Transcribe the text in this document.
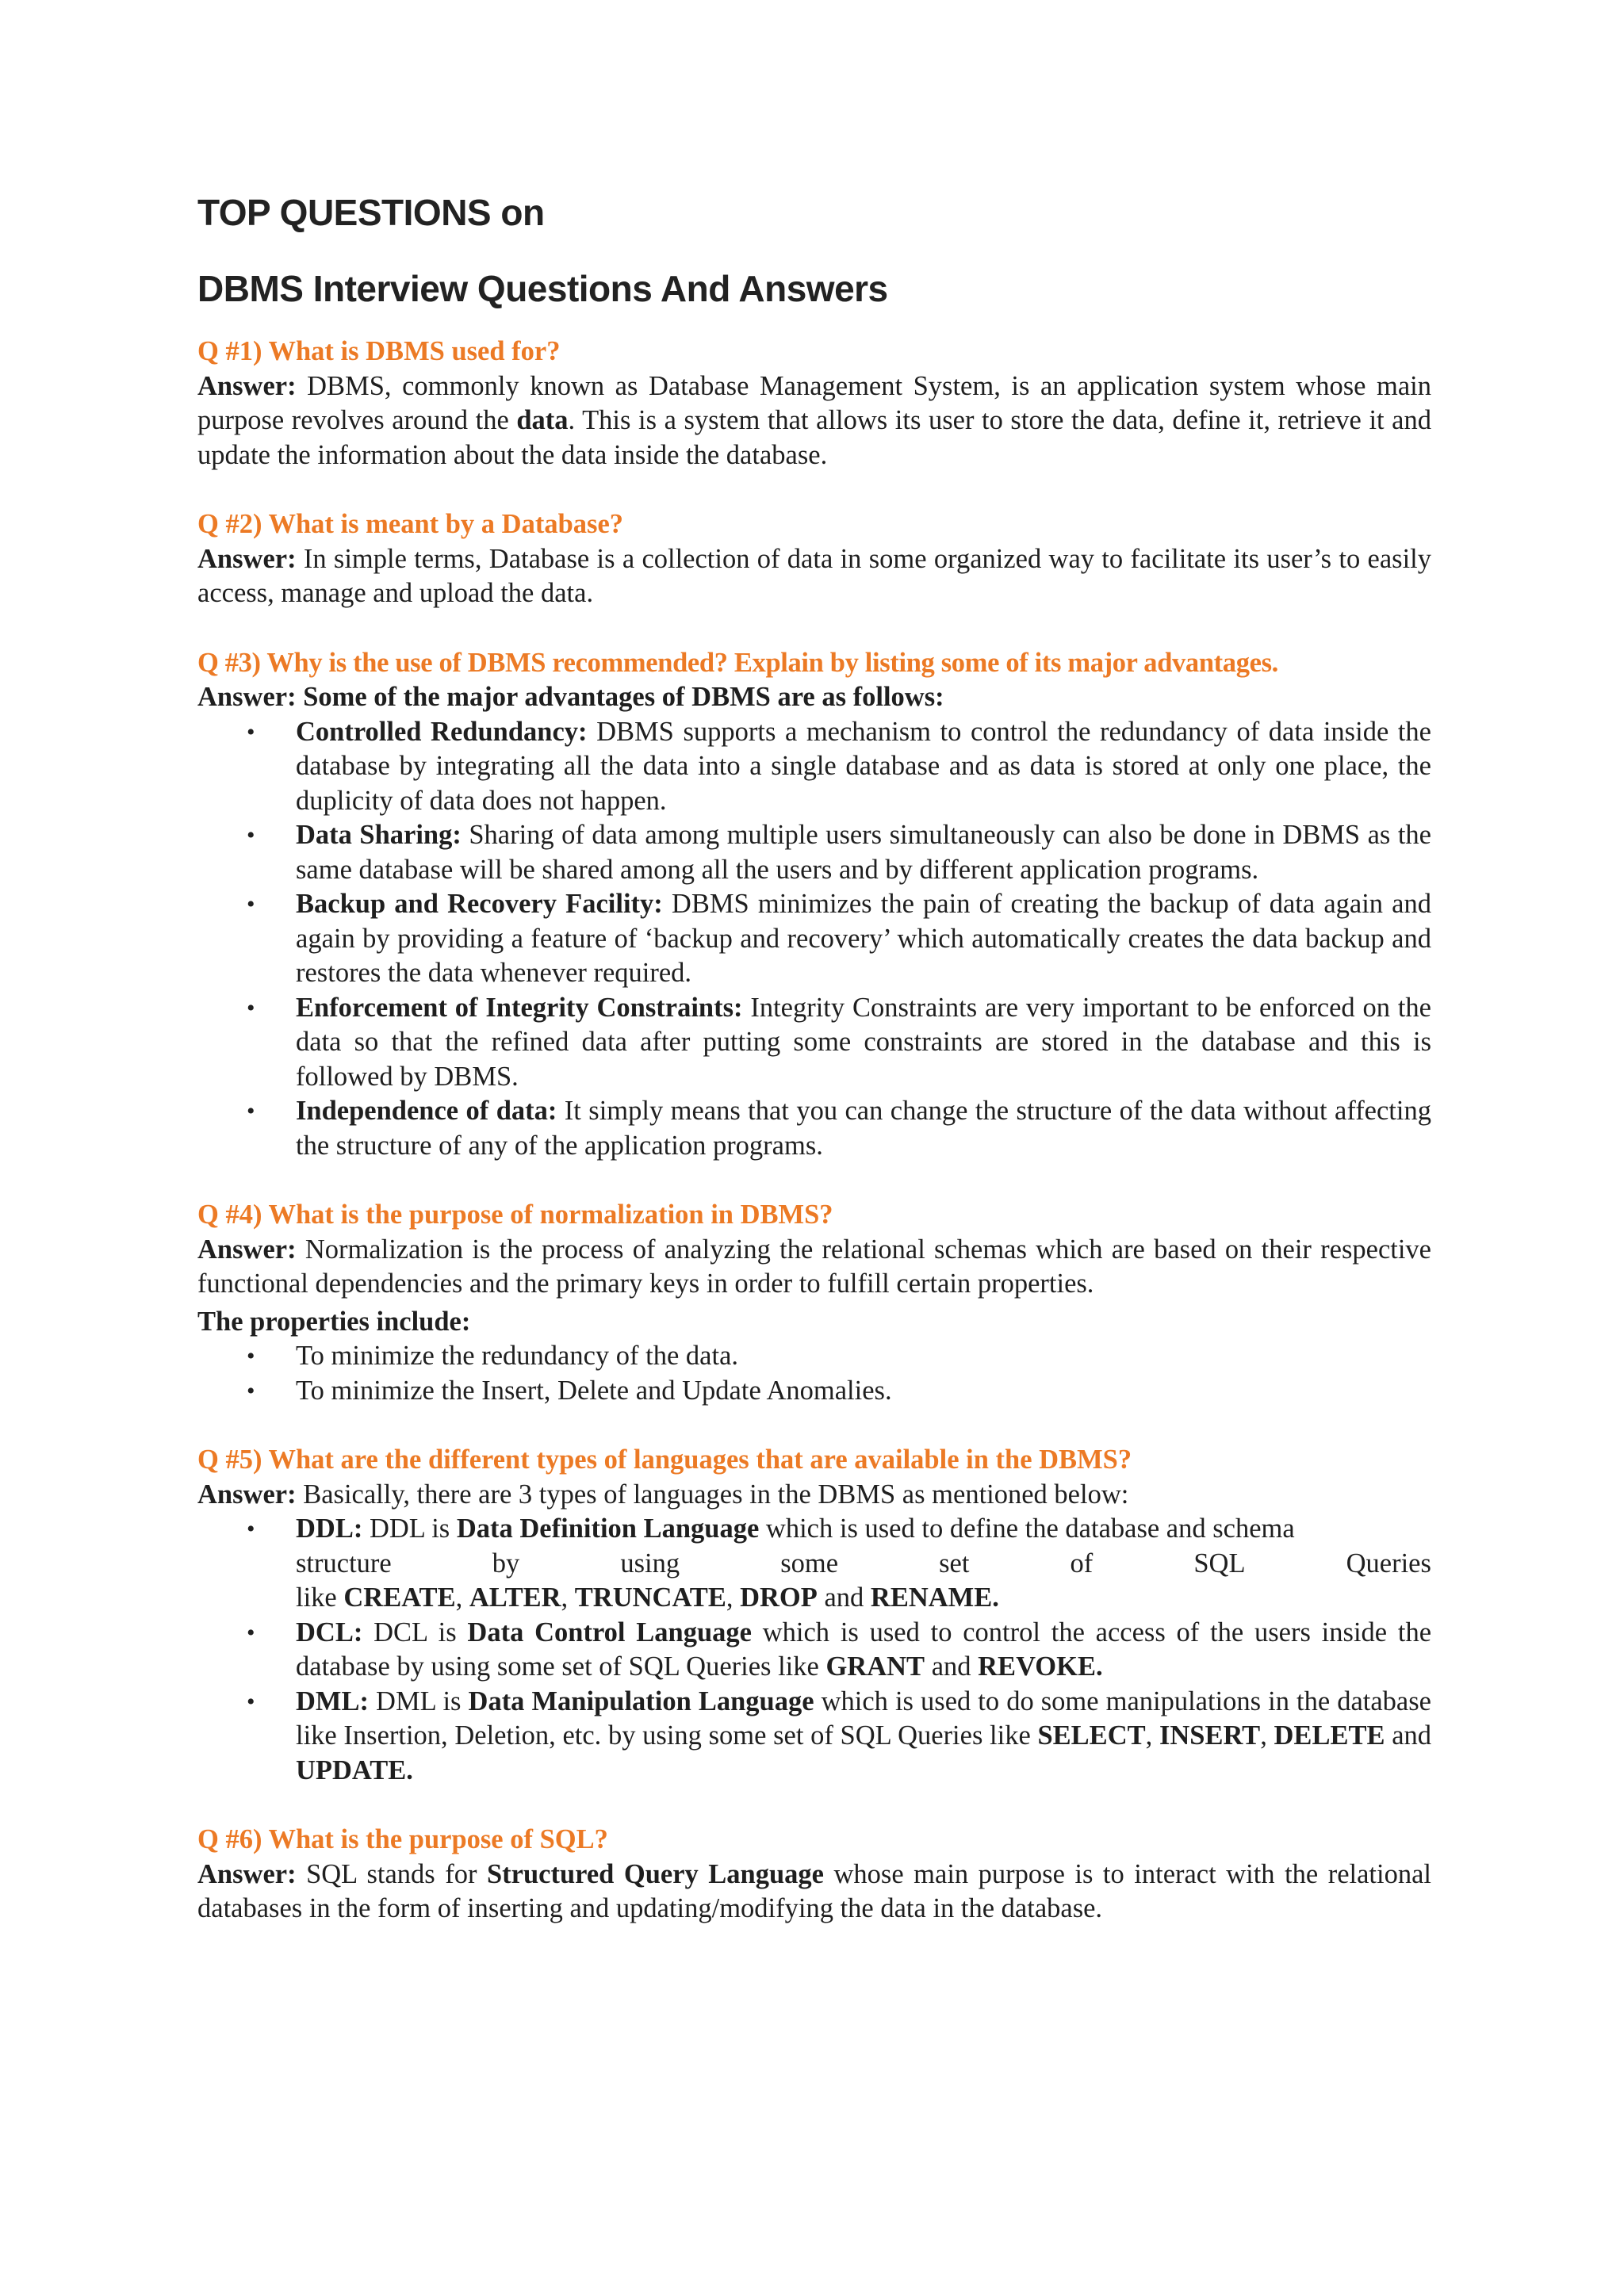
TOP QUESTIONS on
DBMS Interview Questions And Answers

Q #1) What is DBMS used for?

Answer: DBMS, commonly known as Database Management System, is an application system whose main purpose revolves around the data. This is a system that allows its user to store the data, define it, retrieve it and update the information about the data inside the database.

Q #2) What is meant by a Database?

Answer: In simple terms, Database is a collection of data in some organized way to facilitate its user’s to easily access, manage and upload the data.

Q #3) Why is the use of DBMS recommended? Explain by listing some of its major advantages.

Answer: Some of the major advantages of DBMS are as follows:

• Controlled Redundancy: DBMS supports a mechanism to control the redundancy of data inside the database by integrating all the data into a single database and as data is stored at only one place, the duplicity of data does not happen.
• Data Sharing: Sharing of data among multiple users simultaneously can also be done in DBMS as the same database will be shared among all the users and by different application programs.
• Backup and Recovery Facility: DBMS minimizes the pain of creating the backup of data again and again by providing a feature of ‘backup and recovery’ which automatically creates the data backup and restores the data whenever required.
• Enforcement of Integrity Constraints: Integrity Constraints are very important to be enforced on the data so that the refined data after putting some constraints are stored in the database and this is followed by DBMS.
• Independence of data: It simply means that you can change the structure of the data without affecting the structure of any of the application programs.

Q #4) What is the purpose of normalization in DBMS?

Answer: Normalization is the process of analyzing the relational schemas which are based on their respective functional dependencies and the primary keys in order to fulfill certain properties.

The properties include:

• To minimize the redundancy of the data.
• To minimize the Insert, Delete and Update Anomalies.

Q #5) What are the different types of languages that are available in the DBMS?

Answer: Basically, there are 3 types of languages in the DBMS as mentioned below:

• DDL: DDL is Data Definition Language which is used to define the database and schema
structure	by	using	some	set	of	SQL	Queries
like CREATE, ALTER, TRUNCATE, DROP and RENAME.
• DCL: DCL is Data Control Language which is used to control the access of the users inside the database by using some set of SQL Queries like GRANT and REVOKE.
• DML: DML is Data Manipulation Language which is used to do some manipulations in the database like Insertion, Deletion, etc. by using some set of SQL Queries like SELECT, INSERT, DELETE and UPDATE.

Q #6) What is the purpose of SQL?

Answer: SQL stands for Structured Query Language whose main purpose is to interact with the relational databases in the form of inserting and updating/modifying the data in the database.
